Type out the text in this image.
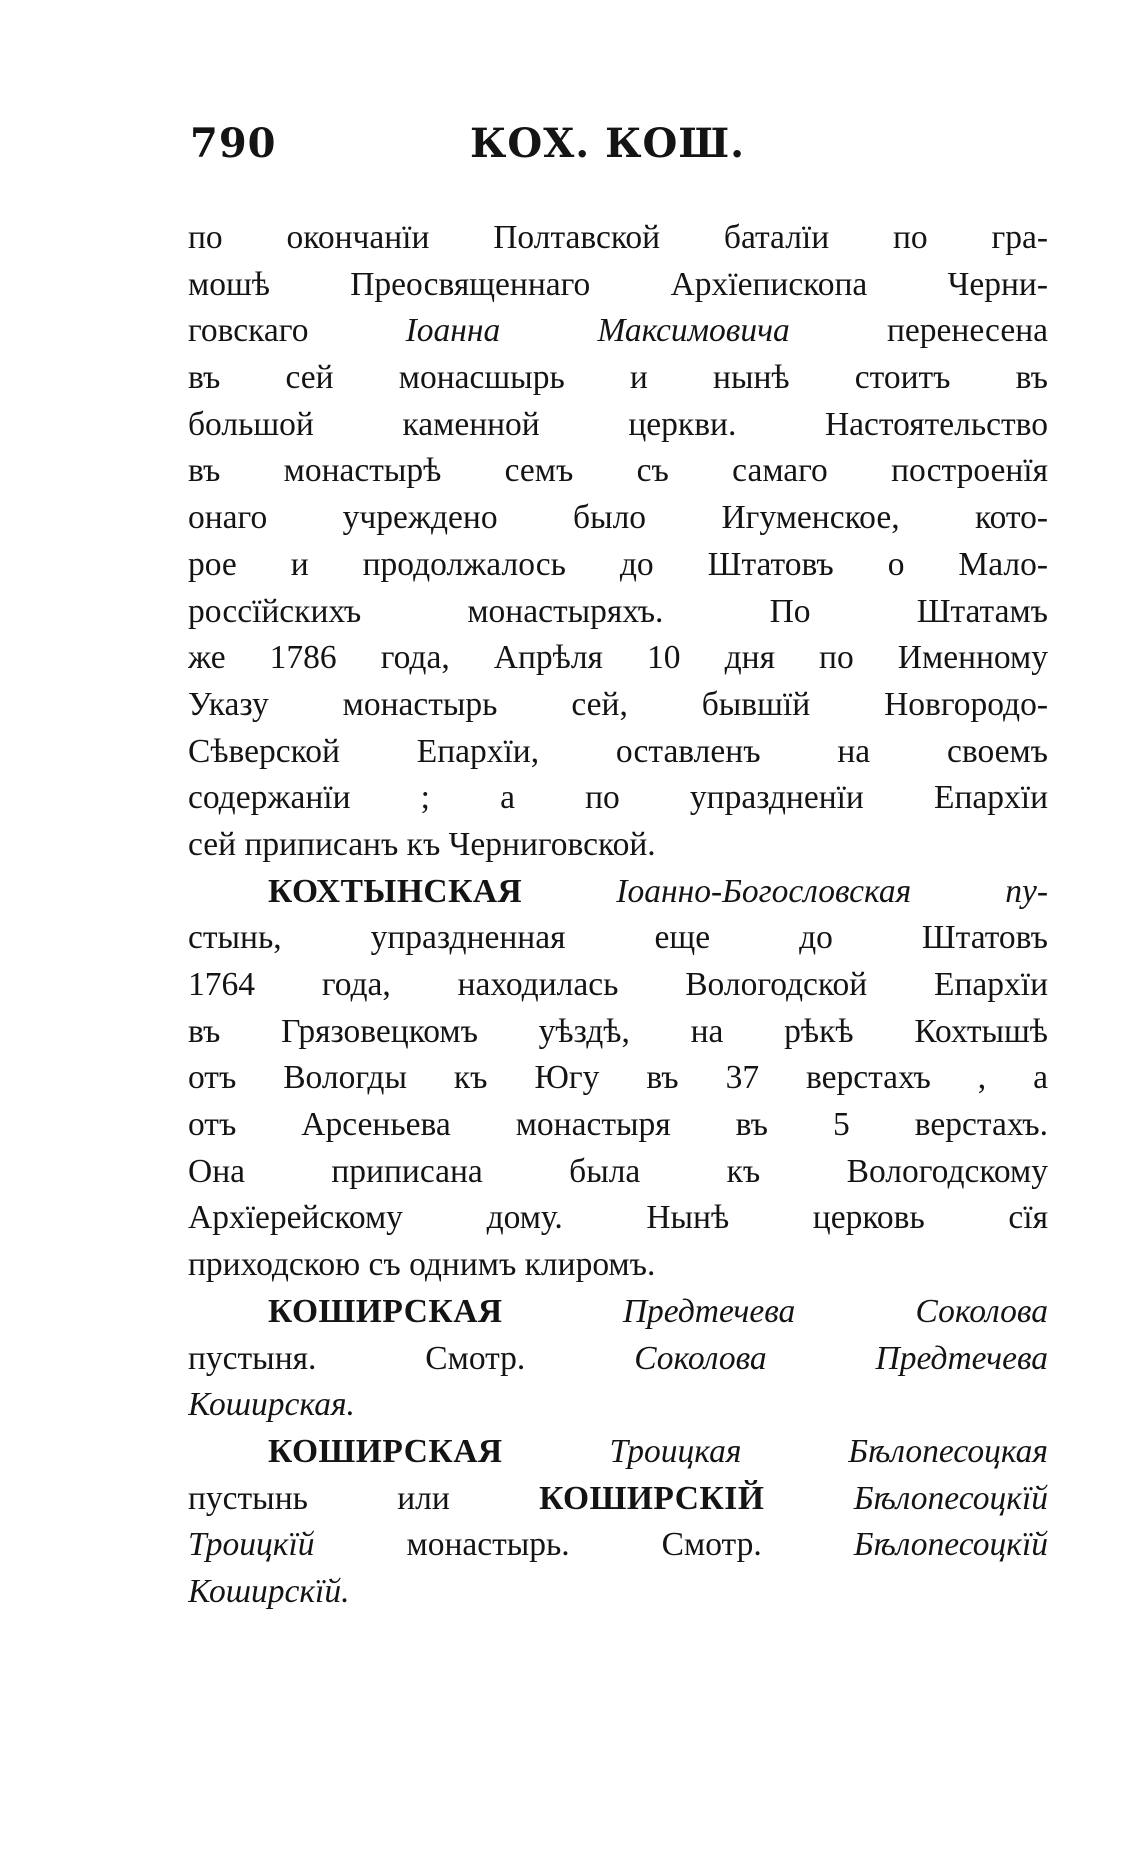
790	КОХ. КОШ.
по окончанїи Полтавской баталїи по гра-
мошѣ Преосвященнаго Архїепископа Черни-
говскаго Іоанна Максимовича перенесена
въ сей монасшырь и нынѣ стоитъ въ
большой каменной церкви. Настоятельство
въ монастырѣ семъ съ самаго построенїя
онаго учреждено было Игуменское, кото-
рое и продолжалось до Штатовъ о Мало-
россїйскихъ монастыряхъ. По Штатамъ
же 1786 года, Апрѣля 10 дня по Именному
Указу монастырь сей, бывшїй Новгородо-
Сѣверской Епархїи, оставленъ на своемъ
содержанїи ; а по упраздненїи Епархїи
сей приписанъ къ Черниговской.
КОХТЫНСКАЯ	Іоанно-Богословская пу-
стынь, упраздненная еще до Штатовъ
1764 года, находилась Вологодской Епархїи
въ Грязовецкомъ уѣздѣ, на рѣкѣ Кохтышѣ
отъ Вологды къ Югу въ 37 верстахъ , а
отъ Арсеньева монастыря въ 5 верстахъ.
Она приписана была къ Вологодскому
Архїерейскому дому. Нынѣ церковь сїя
приходскою съ однимъ клиромъ.
КОШИРСКАЯ	Предтечева Соколова
пустыня. Смотр. Соколова Предтечева
Коширская.
КОШИРСКАЯ	Троицкая Бѣлопесоцкая
пустынь или КОШИРСКІЙ	Бѣлопесоцкїй
Троицкїй монастырь. Смотр. Бѣлопесоцкїй
Коширскїй.
